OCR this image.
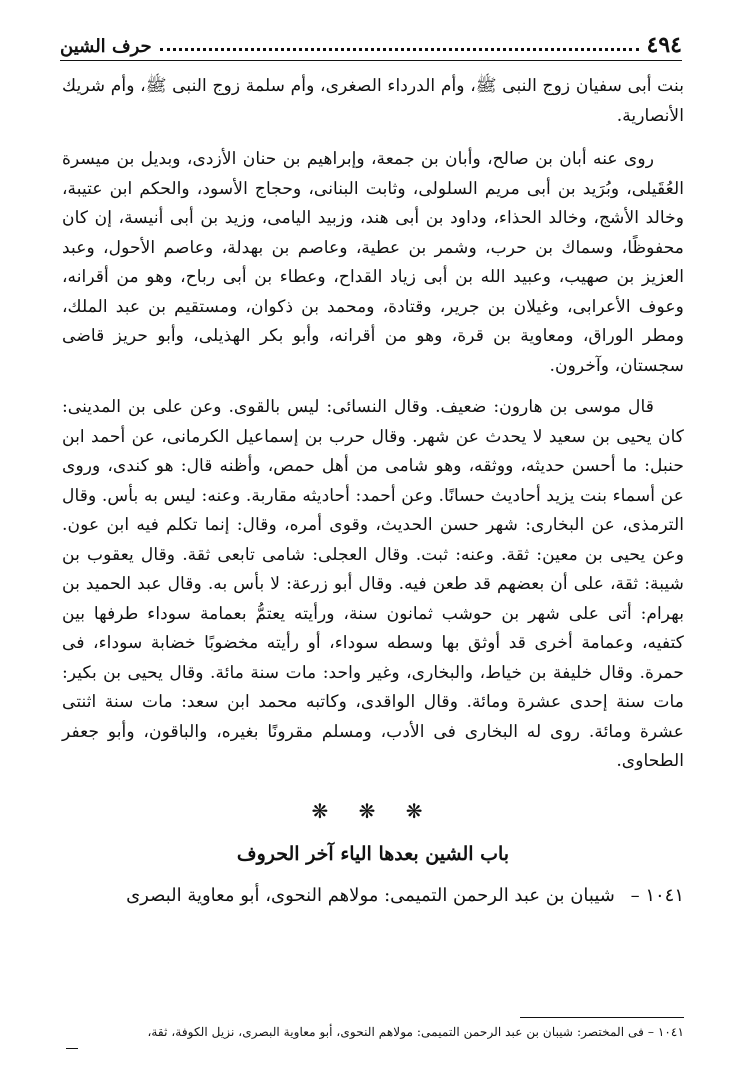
٤٩٤
حرف الشين

بنت أبى سفيان زوج النبى ﷺ، وأم الدرداء الصغرى، وأم سلمة زوج النبى ﷺ، وأم شريك الأنصارية.

روى عنه أبان بن صالح، وأبان بن جمعة، وإبراهيم بن حنان الأزدى، وبديل بن ميسرة العُقَيلى، وبُرَيد بن أبى مريم السلولى، وثابت البنانى، وحجاج الأسود، والحكم ابن عتيبة، وخالد الأشج، وخالد الحذاء، وداود بن أبى هند، وزبيد اليامى، وزيد بن أبى أنيسة، إن كان محفوظًا، وسماك بن حرب، وشمر بن عطية، وعاصم بن بهدلة، وعاصم الأحول، وعبد العزيز بن صهيب، وعبيد الله بن أبى زياد القداح، وعطاء بن أبى رباح، وهو من أقرانه، وعوف الأعرابى، وغيلان بن جرير، وقتادة، ومحمد بن ذكوان، ومستقيم بن عبد الملك، ومطر الوراق، ومعاوية بن قرة، وهو من أقرانه، وأبو بكر الهذيلى، وأبو حريز قاضى سجستان، وآخرون.

قال موسى بن هارون: ضعيف. وقال النسائى: ليس بالقوى. وعن على بن المدينى: كان يحيى بن سعيد لا يحدث عن شهر. وقال حرب بن إسماعيل الكرمانى، عن أحمد ابن حنبل: ما أحسن حديثه، ووثقه، وهو شامى من أهل حمص، وأظنه قال: هو كندى، وروى عن أسماء بنت يزيد أحاديث حسانًا. وعن أحمد: أحاديثه مقاربة. وعنه: ليس به بأس. وقال الترمذى، عن البخارى: شهر حسن الحديث، وقوى أمره، وقال: إنما تكلم فيه ابن عون. وعن يحيى بن معين: ثقة. وعنه: ثبت. وقال العجلى: شامى تابعى ثقة. وقال يعقوب بن شيبة: ثقة، على أن بعضهم قد طعن فيه. وقال أبو زرعة: لا بأس به. وقال عبد الحميد بن بهرام: أتى على شهر بن حوشب ثمانون سنة، ورأيته يعتمُّ بعمامة سوداء طرفها بين كتفيه، وعمامة أخرى قد أوثق بها وسطه سوداء، أو رأيته مخضوبًا خضابة سوداء، فى حمرة. وقال خليفة بن خياط، والبخارى، وغير واحد: مات سنة مائة. وقال يحيى بن بكير: مات سنة إحدى عشرة ومائة. وقال الواقدى، وكاتبه محمد ابن سعد: مات سنة اثنتى عشرة ومائة. روى له البخارى فى الأدب، ومسلم مقرونًا بغيره، والباقون، وأبو جعفر الطحاوى.

❋ ❋ ❋
باب الشين بعدها الياء آخر الحروف
١٠٤١ – شيبان بن عبد الرحمن التميمى: مولاهم النحوى، أبو معاوية البصرى
١٠٤١ – فى المختصر: شيبان بن عبد الرحمن التميمى: مولاهم النحوى، أبو معاوية البصرى، نزيل الكوفة، ثقة،
